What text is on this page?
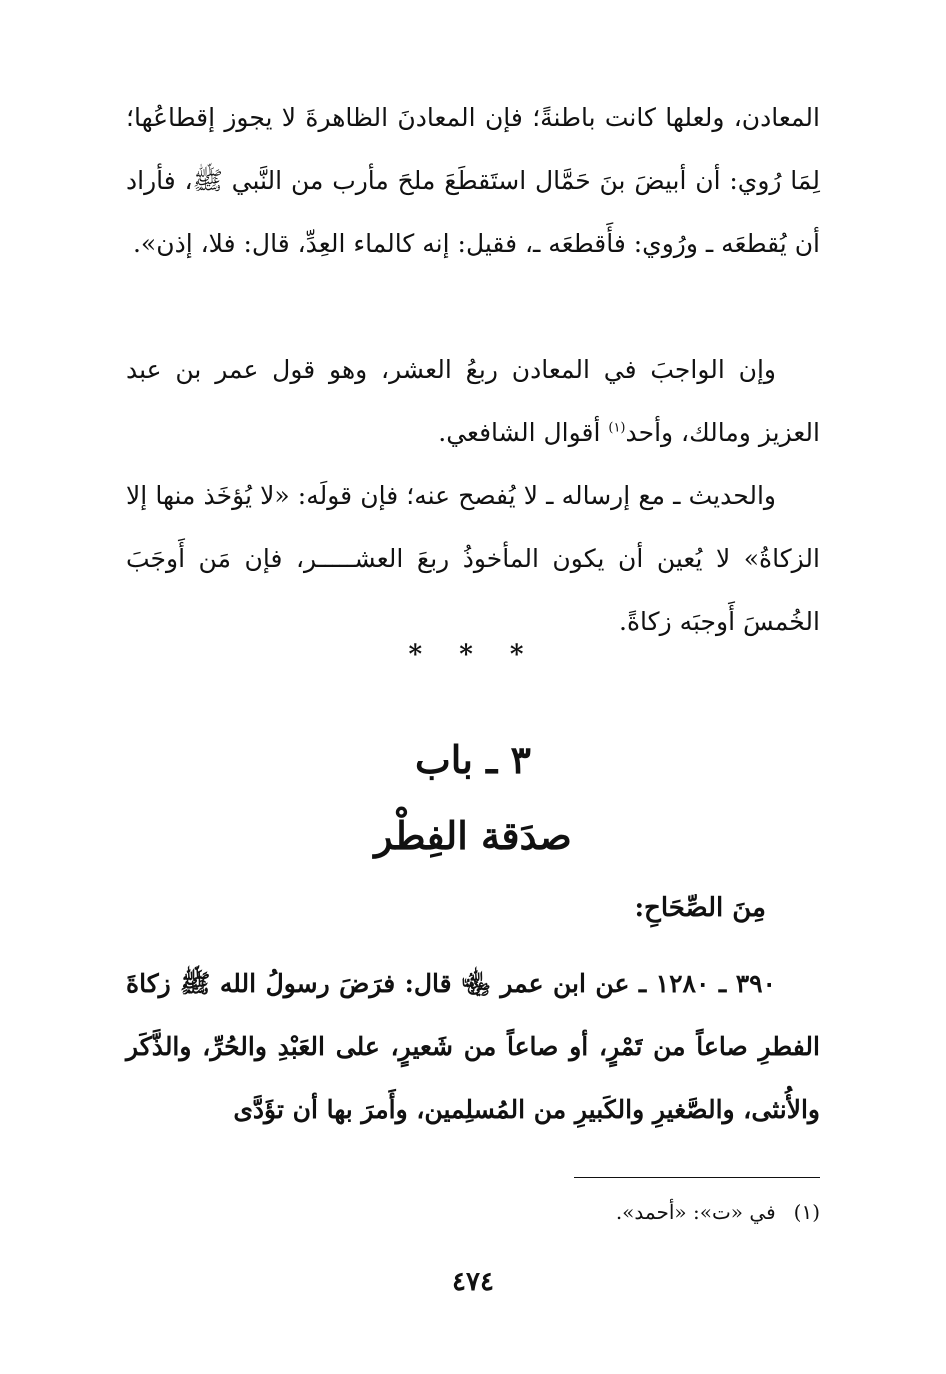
المعادن، ولعلها كانت باطنةً؛ فإن المعادنَ الظاهرةَ لا يجوز إقطاعُها؛ لِمَا رُوي: أن أبيضَ بنَ حَمَّال استَقطَعَ ملحَ مأرب من النَّبي ﷺ، فأراد أن يُقطعَه ـ ورُوي: فأَقطعَه ـ، فقيل: إنه كالماء العِدِّ، قال: فلا، إذن».
وإن الواجبَ في المعادن ربعُ العشر، وهو قول عمر بن عبد العزيز ومالك، وأحد$^{(١)}$ أقوال الشافعي.
والحديث ـ مع إرساله ـ لا يُفصح عنه؛ فإن قولَه: «لا يُؤخَذ منها إلا الزكاةُ» لا يُعين أن يكون المأخوذُ ربعَ العشـــــر، فإن مَن أَوجَبَ الخُمسَ أَوجبَه زكاةً.
* * *
٣ ـ باب
صدَقة الفِطْر
مِنَ الصِّحَاحِ:
٣٩٠ ـ ١٢٨٠ ـ عن ابن عمر ﵄ قال: فرَضَ رسولُ الله ﷺ زكاةَ الفطرِ صاعاً من تَمْرٍ، أو صاعاً من شَعيرٍ، على العَبْدِ والحُرِّ، والذَّكَر والأُنثى، والصَّغيرِ والكَبيرِ من المُسلِمين، وأَمرَ بها أن تؤَدَّى
(١)في «ت»: «أحمد».
٤٧٤
